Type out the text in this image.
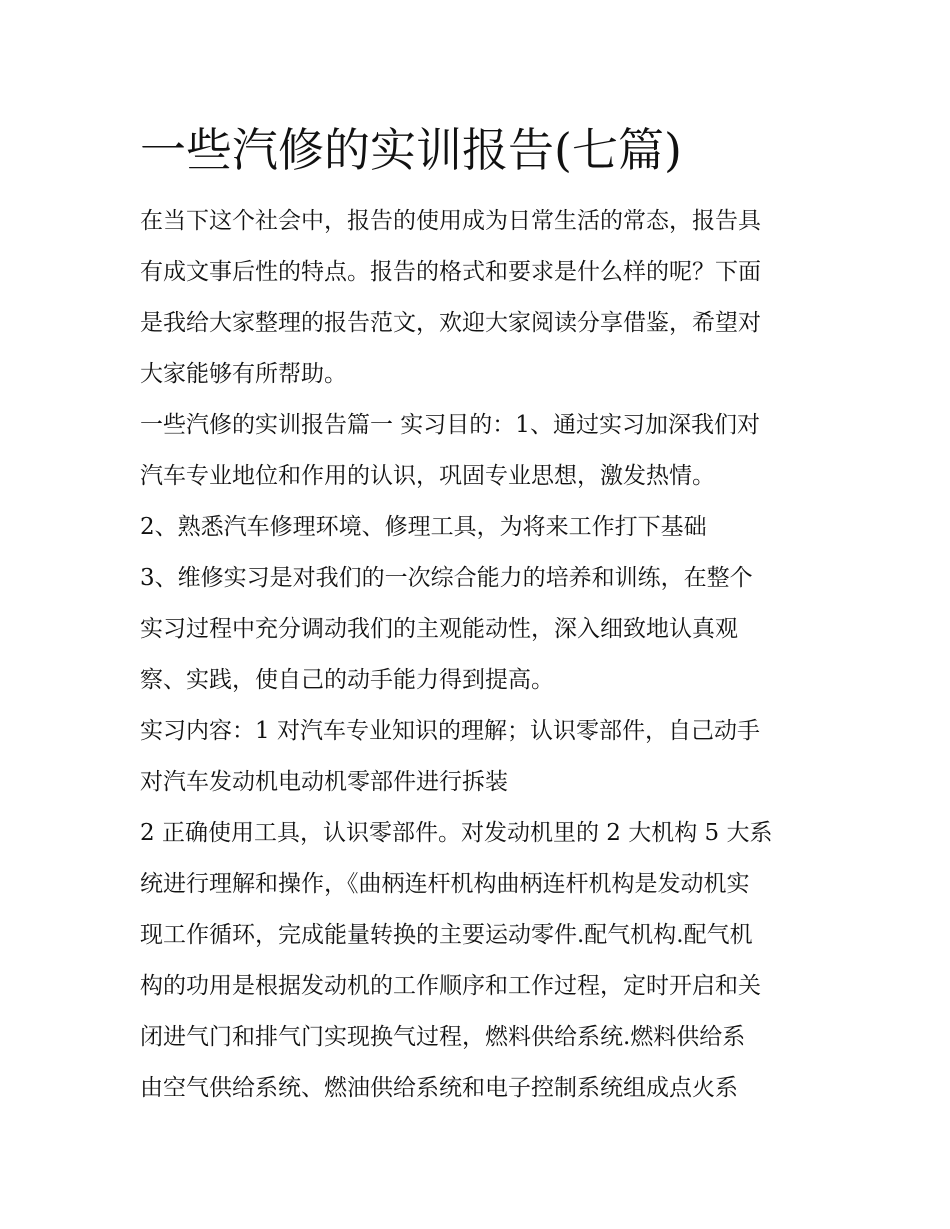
一些汽修的实训报告(七篇)

在当下这个社会中，报告的使用成为日常生活的常态，报告具
有成文事后性的特点。报告的格式和要求是什么样的呢？下面
是我给大家整理的报告范文，欢迎大家阅读分享借鉴，希望对
大家能够有所帮助。

一些汽修的实训报告篇一 实习目的：1、通过实习加深我们对
汽车专业地位和作用的认识，巩固专业思想，激发热情。

2、熟悉汽车修理环境、修理工具，为将来工作打下基础

3、维修实习是对我们的一次综合能力的培养和训练，在整个
实习过程中充分调动我们的主观能动性，深入细致地认真观
察、实践，使自己的动手能力得到提高。

实习内容：1 对汽车专业知识的理解；认识零部件，自己动手
对汽车发动机电动机零部件进行拆装

2 正确使用工具，认识零部件。对发动机里的 2 大机构 5 大系
统进行理解和操作，《曲柄连杆机构曲柄连杆机构是发动机实
现工作循环，完成能量转换的主要运动零件.配气机构.配气机
构的功用是根据发动机的工作顺序和工作过程，定时开启和关
闭进气门和排气门实现换气过程，燃料供给系统.燃料供给系
由空气供给系统、燃油供给系统和电子控制系统组成点火系
